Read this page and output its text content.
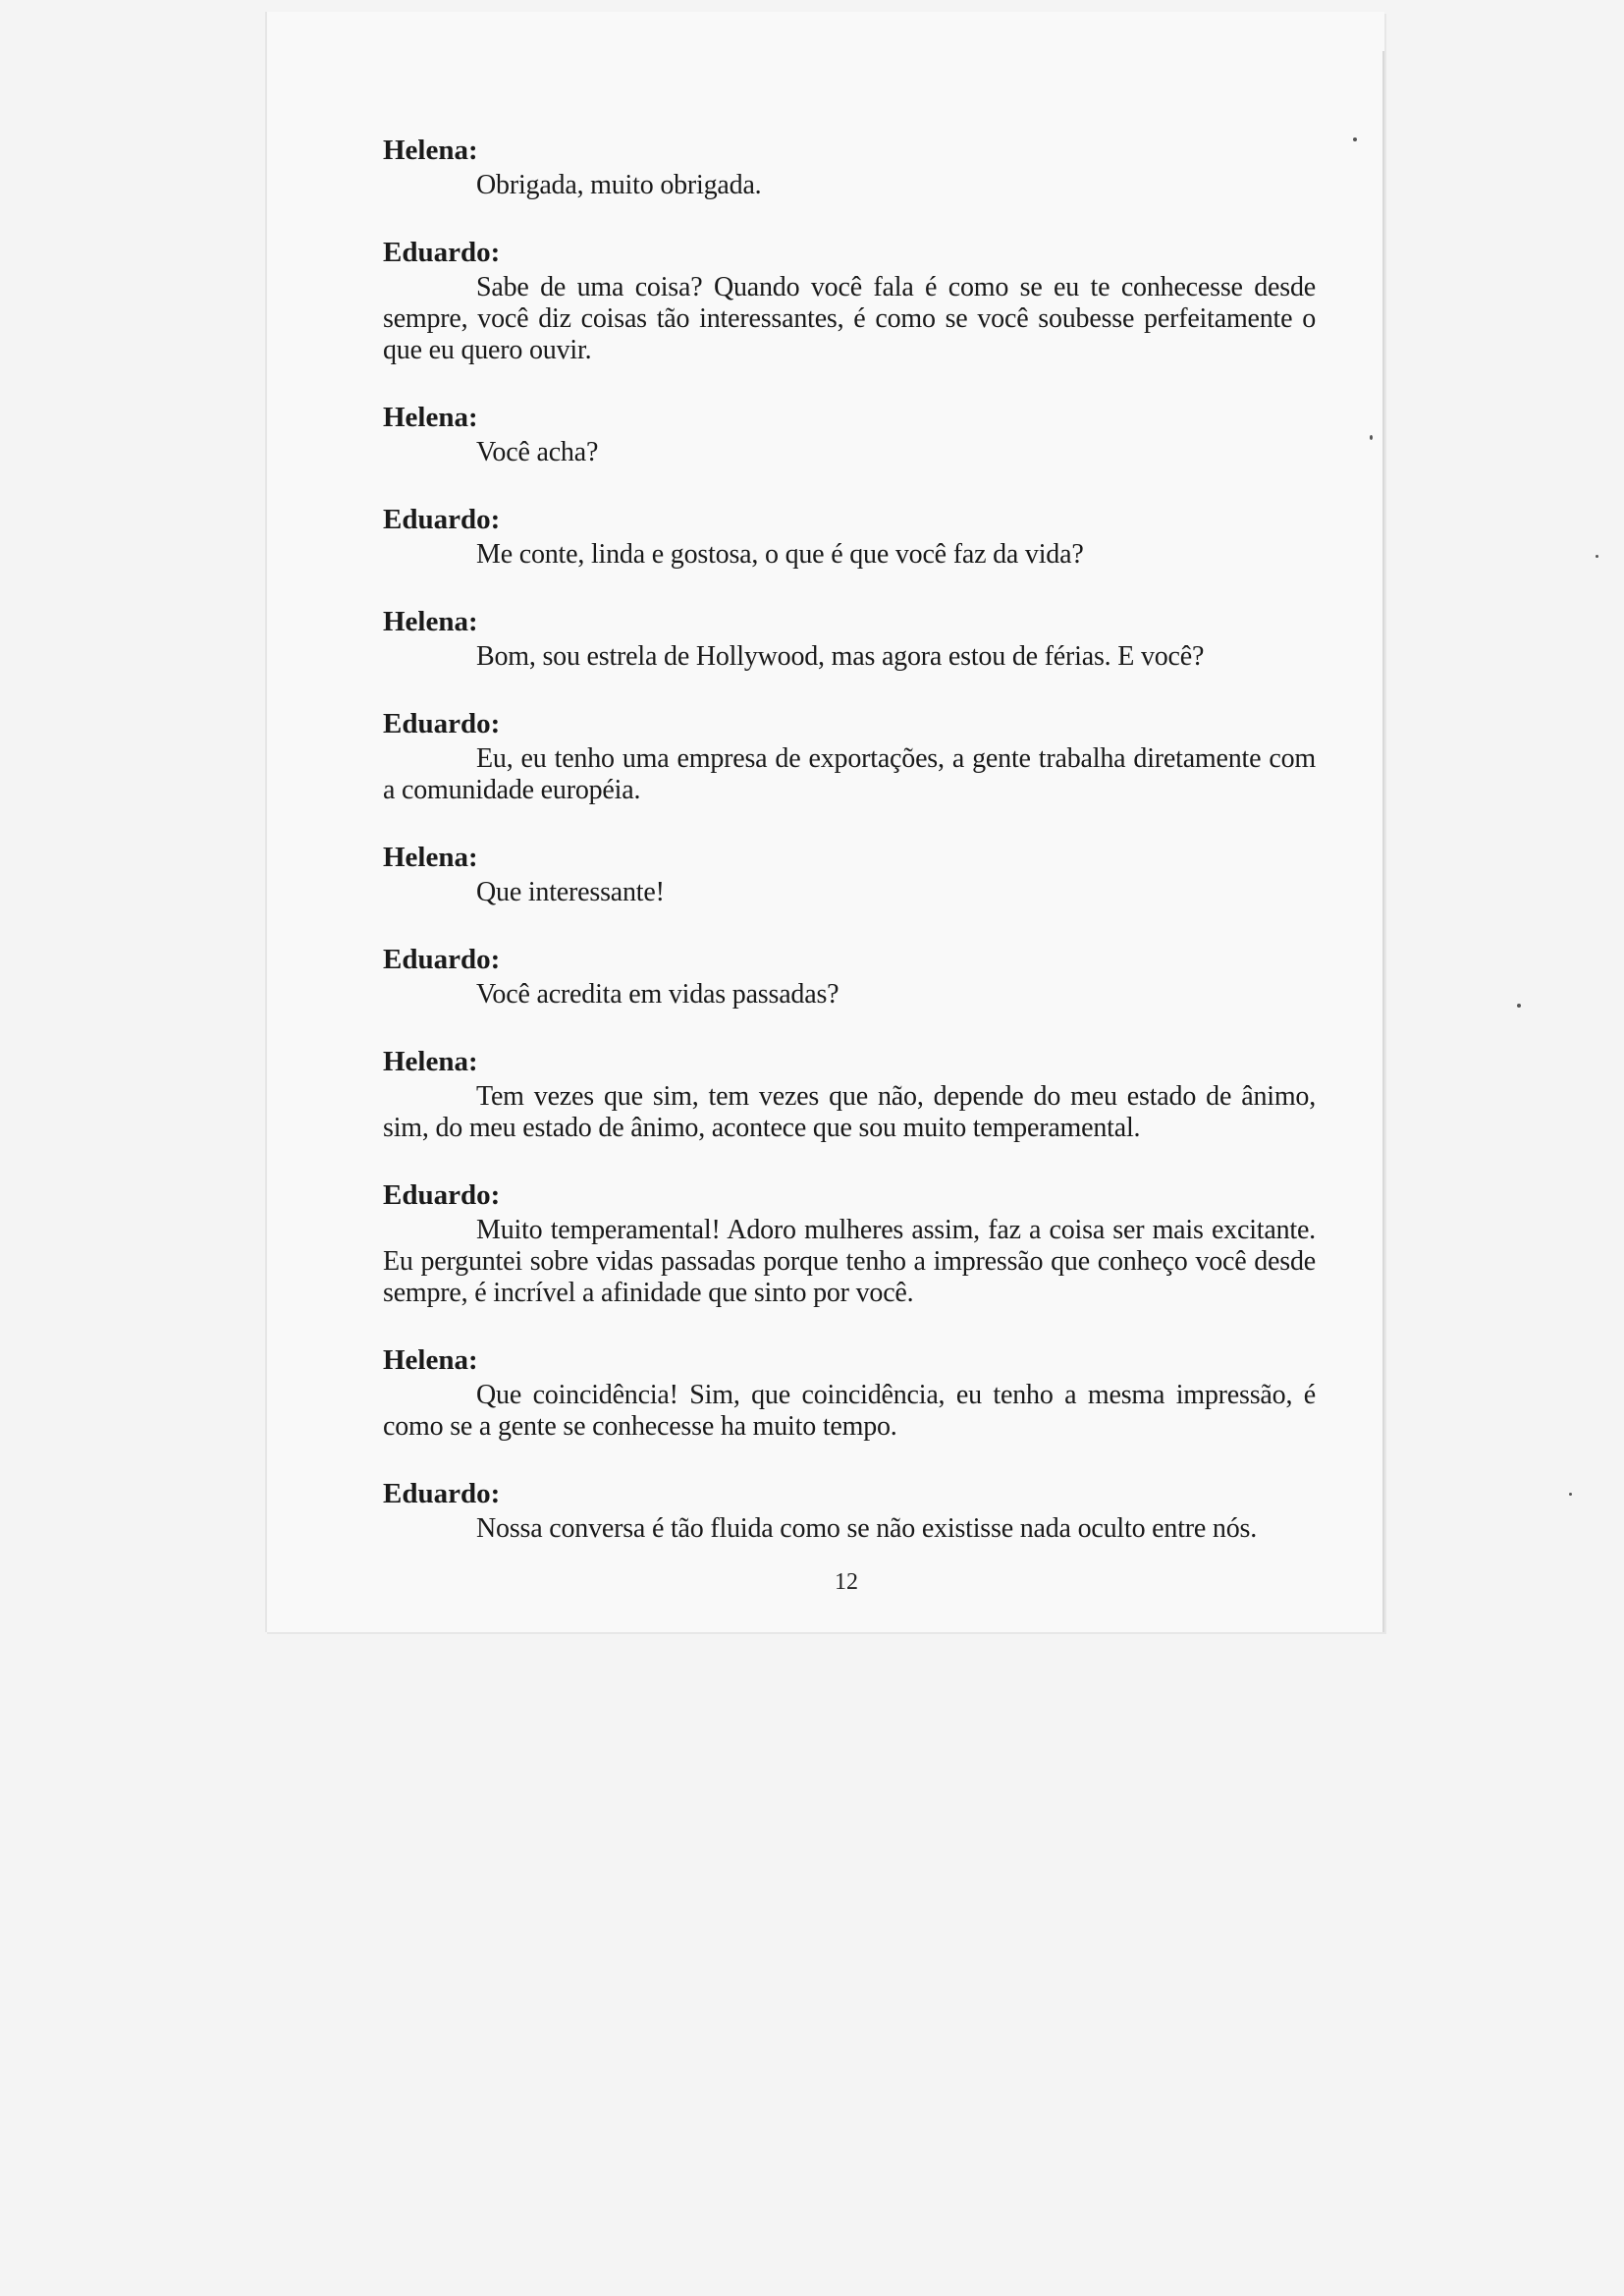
Helena:
Obrigada, muito obrigada.
Eduardo:
Sabe de uma coisa? Quando você fala é como se eu te conhecesse desde sempre, você diz coisas tão interessantes, é como se você soubesse perfeitamente o que eu quero ouvir.
Helena:
Você acha?
Eduardo:
Me conte, linda e gostosa, o que é que você faz da vida?
Helena:
Bom, sou estrela de Hollywood, mas agora estou de férias. E você?
Eduardo:
Eu, eu tenho uma empresa de exportações, a gente trabalha diretamente com a comunidade européia.
Helena:
Que interessante!
Eduardo:
Você acredita em vidas passadas?
Helena:
Tem vezes que sim, tem vezes que não, depende do meu estado de ânimo, sim, do meu estado de ânimo, acontece que sou muito temperamental.
Eduardo:
Muito temperamental! Adoro mulheres assim, faz a coisa ser mais excitante. Eu perguntei sobre vidas passadas porque tenho a impressão que conheço você desde sempre, é incrível a afinidade que sinto por você.
Helena:
Que coincidência! Sim, que coincidência, eu tenho a mesma impressão, é como se a gente se conhecesse ha muito tempo.
Eduardo:
Nossa conversa é tão fluida como se não existisse nada oculto entre nós.
12
